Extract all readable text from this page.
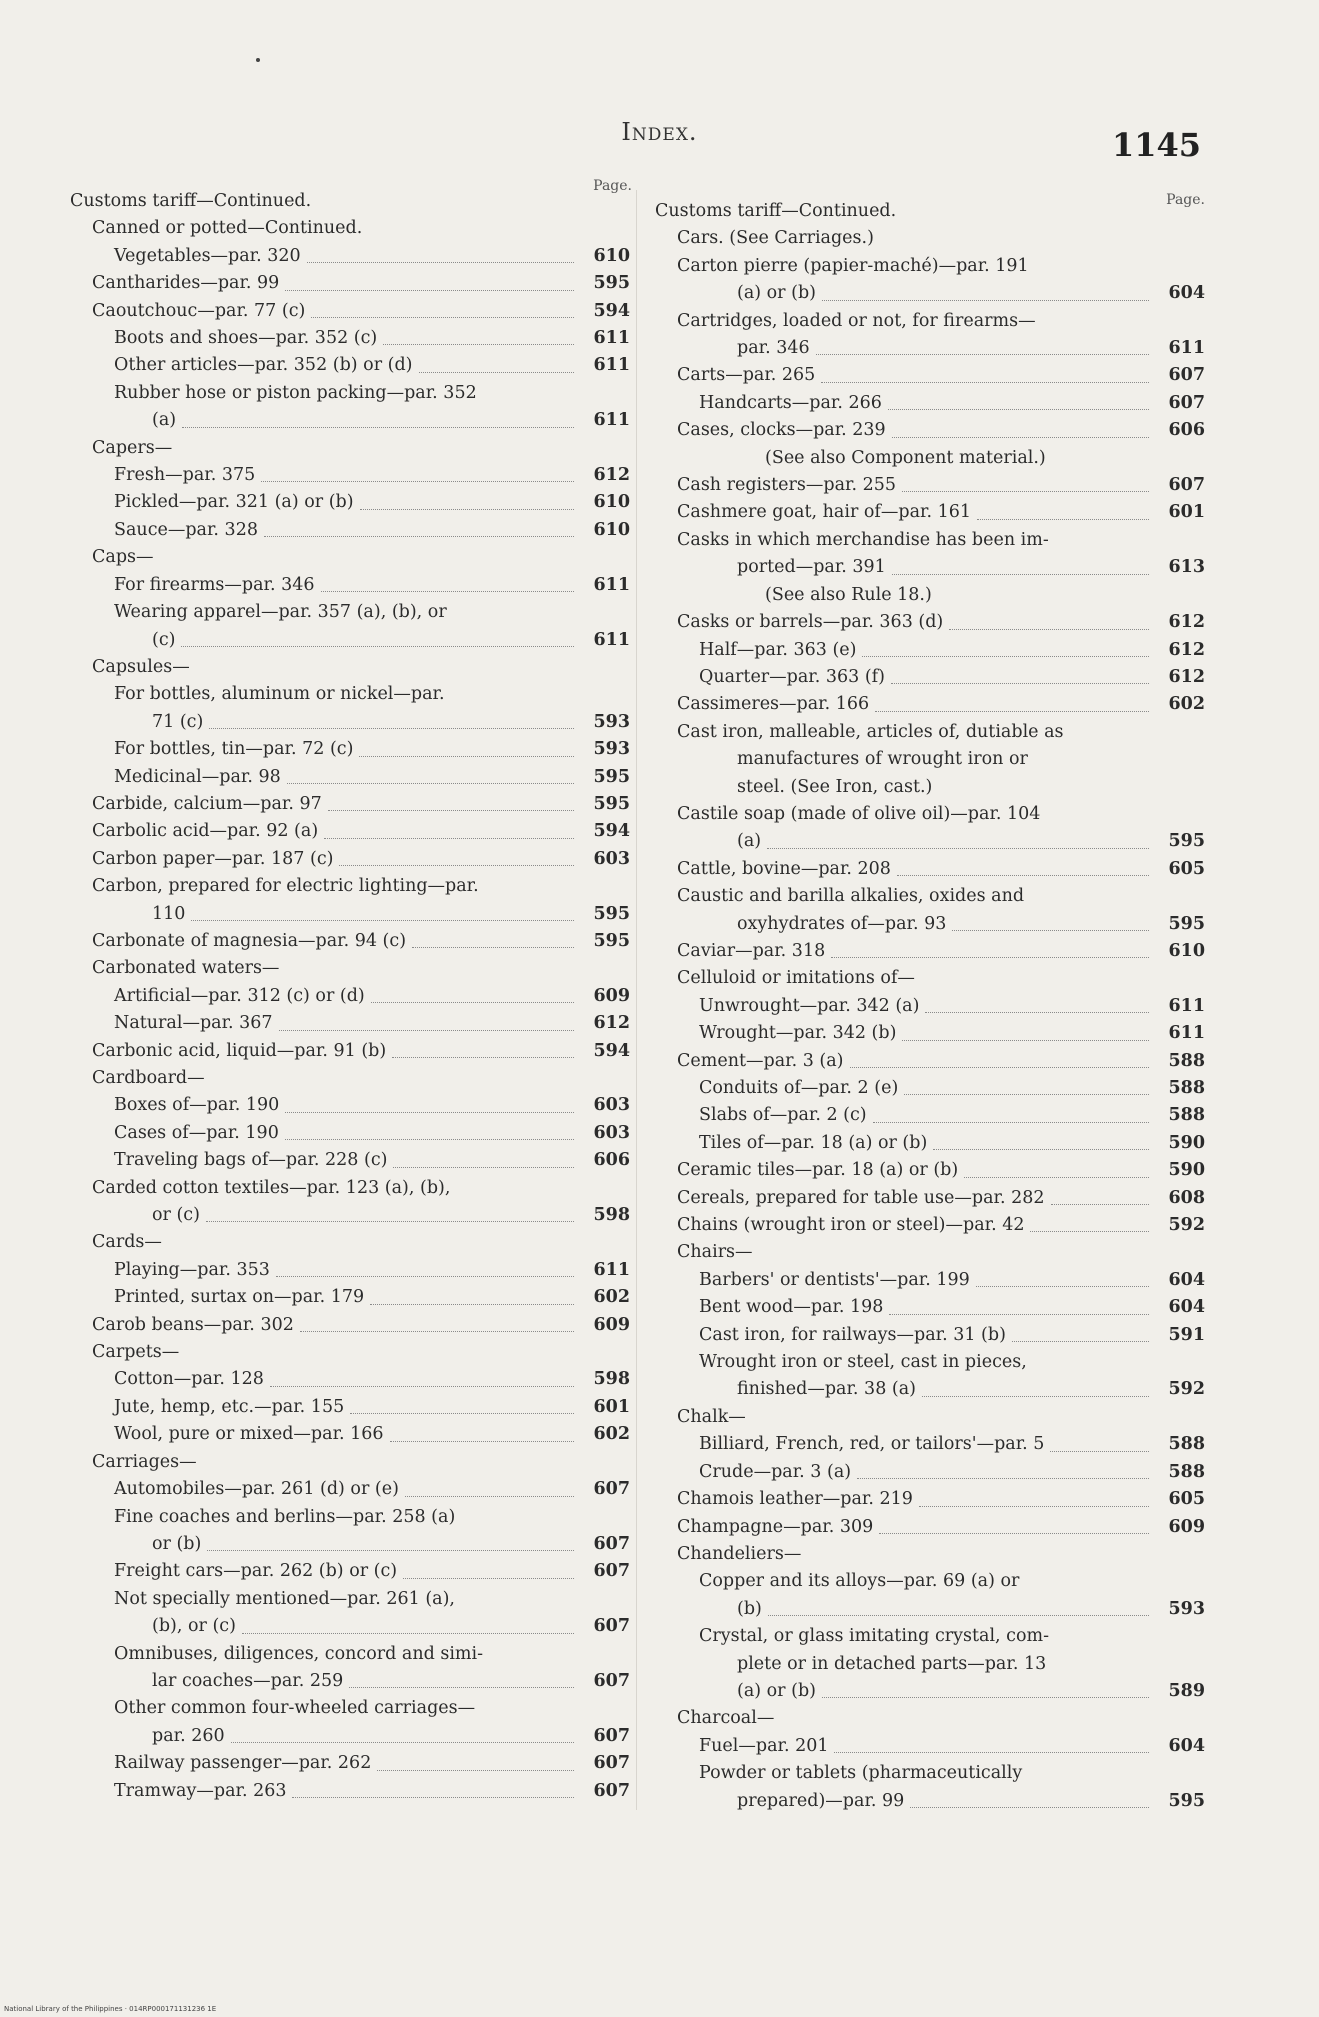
Index.	1145
Page.
Customs tariff—Continued.
Canned or potted—Continued.
Vegetables—par. 320	610
Cantharides—par. 99	595
Caoutchouc—par. 77 (c)	594
Boots and shoes—par. 352 (c)	611
Other articles—par. 352 (b) or (d)	611
Rubber hose or piston packing—par. 352
(a)	611
Capers—
Fresh—par. 375	612
Pickled—par. 321 (a) or (b)	610
Sauce—par. 328	610
Caps—
For firearms—par. 346	611
Wearing apparel—par. 357 (a), (b), or
(c)	611
Capsules—
For bottles, aluminum or nickel—par.
71 (c)	593
For bottles, tin—par. 72 (c)	593
Medicinal—par. 98	595
Carbide, calcium—par. 97	595
Carbolic acid—par. 92 (a)	594
Carbon paper—par. 187 (c)	603
Carbon, prepared for electric lighting—par.
110	595
Carbonate of magnesia—par. 94 (c)	595
Carbonated waters—
Artificial—par. 312 (c) or (d)	609
Natural—par. 367	612
Carbonic acid, liquid—par. 91 (b)	594
Cardboard—
Boxes of—par. 190	603
Cases of—par. 190	603
Traveling bags of—par. 228 (c)	606
Carded cotton textiles—par. 123 (a), (b),
or (c)	598
Cards—
Playing—par. 353	611
Printed, surtax on—par. 179	602
Carob beans—par. 302	609
Carpets—
Cotton—par. 128	598
Jute, hemp, etc.—par. 155	601
Wool, pure or mixed—par. 166	602
Carriages—
Automobiles—par. 261 (d) or (e)	607
Fine coaches and berlins—par. 258 (a)
or (b)	607
Freight cars—par. 262 (b) or (c)	607
Not specially mentioned—par. 261 (a),
(b), or (c)	607
Omnibuses, diligences, concord and simi-
lar coaches—par. 259	607
Other common four-wheeled carriages—
par. 260	607
Railway passenger—par. 262	607
Tramway—par. 263	607
Page.
Customs tariff—Continued.
Cars. (See Carriages.)
Carton pierre (papier-maché)—par. 191
(a) or (b)	604
Cartridges, loaded or not, for firearms—
par. 346	611
Carts—par. 265	607
Handcarts—par. 266	607
Cases, clocks—par. 239	606
(See also Component material.)
Cash registers—par. 255	607
Cashmere goat, hair of—par. 161	601
Casks in which merchandise has been im-
ported—par. 391	613
(See also Rule 18.)
Casks or barrels—par. 363 (d)	612
Half—par. 363 (e)	612
Quarter—par. 363 (f)	612
Cassimeres—par. 166	602
Cast iron, malleable, articles of, dutiable as
manufactures of wrought iron or
steel. (See Iron, cast.)
Castile soap (made of olive oil)—par. 104
(a)	595
Cattle, bovine—par. 208	605
Caustic and barilla alkalies, oxides and
oxyhydrates of—par. 93	595
Caviar—par. 318	610
Celluloid or imitations of—
Unwrought—par. 342 (a)	611
Wrought—par. 342 (b)	611
Cement—par. 3 (a)	588
Conduits of—par. 2 (e)	588
Slabs of—par. 2 (c)	588
Tiles of—par. 18 (a) or (b)	590
Ceramic tiles—par. 18 (a) or (b)	590
Cereals, prepared for table use—par. 282	608
Chains (wrought iron or steel)—par. 42	592
Chairs—
Barbers' or dentists'—par. 199	604
Bent wood—par. 198	604
Cast iron, for railways—par. 31 (b)	591
Wrought iron or steel, cast in pieces,
finished—par. 38 (a)	592
Chalk—
Billiard, French, red, or tailors'—par. 5	588
Crude—par. 3 (a)	588
Chamois leather—par. 219	605
Champagne—par. 309	609
Chandeliers—
Copper and its alloys—par. 69 (a) or
(b)	593
Crystal, or glass imitating crystal, com-
plete or in detached parts—par. 13
(a) or (b)	589
Charcoal—
Fuel—par. 201	604
Powder or tablets (pharmaceutically
prepared)—par. 99	595
National Library of the Philippines · 014RP000171131236 1E
